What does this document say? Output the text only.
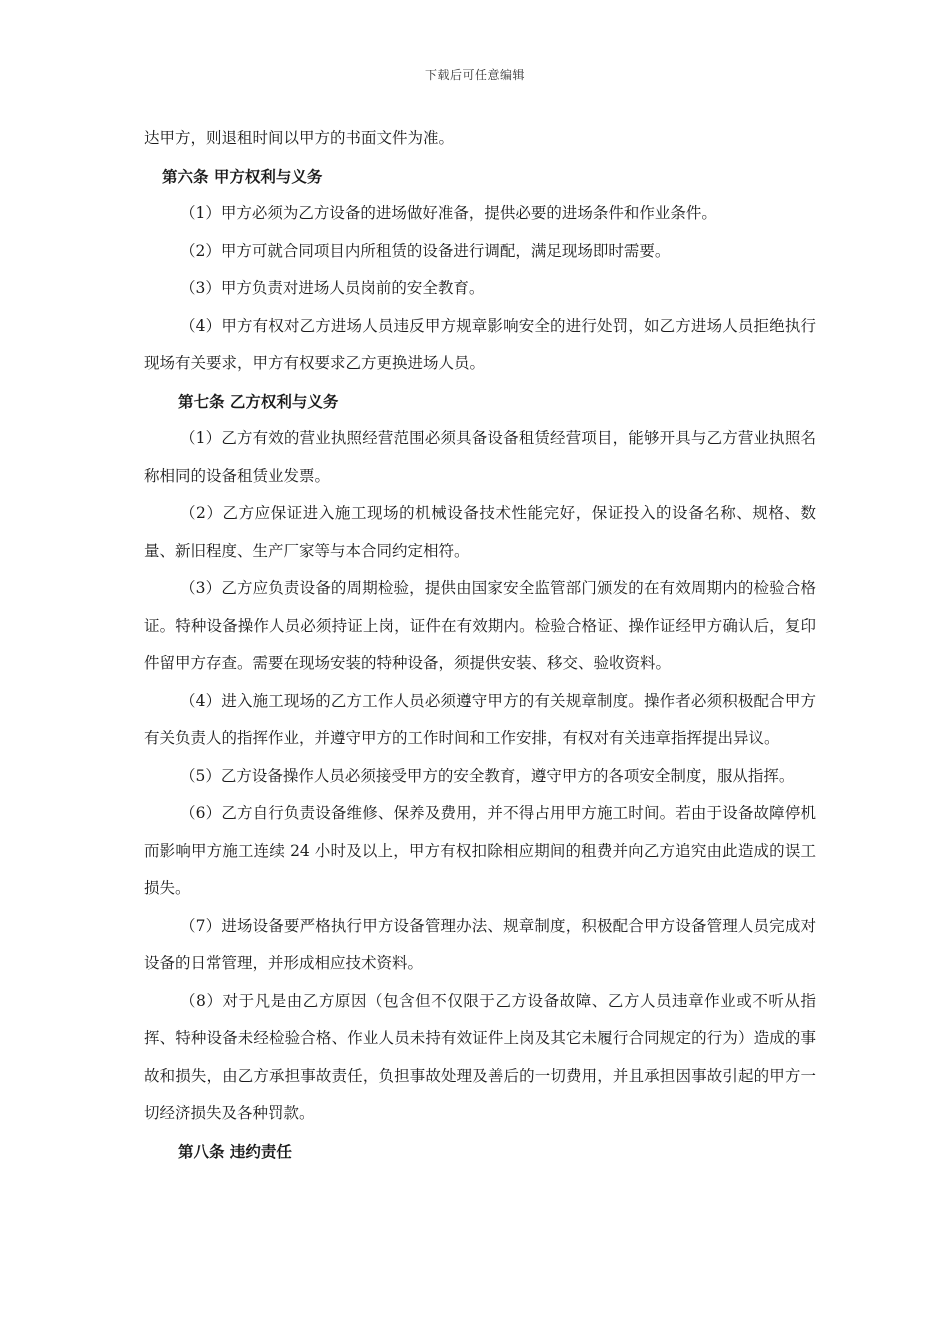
下载后可任意编辑

达甲方，则退租时间以甲方的书面文件为准。

第六条 甲方权利与义务

（1）甲方必须为乙方设备的进场做好准备，提供必要的进场条件和作业条件。

（2）甲方可就合同项目内所租赁的设备进行调配，满足现场即时需要。

（3）甲方负责对进场人员岗前的安全教育。

（4）甲方有权对乙方进场人员违反甲方规章影响安全的进行处罚，如乙方进场人员拒绝执行现场有关要求，甲方有权要求乙方更换进场人员。

第七条 乙方权利与义务

（1）乙方有效的营业执照经营范围必须具备设备租赁经营项目，能够开具与乙方营业执照名称相同的设备租赁业发票。

（2）乙方应保证进入施工现场的机械设备技术性能完好，保证投入的设备名称、规格、数量、新旧程度、生产厂家等与本合同约定相符。

（3）乙方应负责设备的周期检验，提供由国家安全监管部门颁发的在有效周期内的检验合格证。特种设备操作人员必须持证上岗，证件在有效期内。检验合格证、操作证经甲方确认后，复印件留甲方存查。需要在现场安装的特种设备，须提供安装、移交、验收资料。

（4）进入施工现场的乙方工作人员必须遵守甲方的有关规章制度。操作者必须积极配合甲方有关负责人的指挥作业，并遵守甲方的工作时间和工作安排，有权对有关违章指挥提出异议。

（5）乙方设备操作人员必须接受甲方的安全教育，遵守甲方的各项安全制度，服从指挥。

（6）乙方自行负责设备维修、保养及费用，并不得占用甲方施工时间。若由于设备故障停机而影响甲方施工连续 24 小时及以上，甲方有权扣除相应期间的租费并向乙方追究由此造成的误工损失。

（7）进场设备要严格执行甲方设备管理办法、规章制度，积极配合甲方设备管理人员完成对设备的日常管理，并形成相应技术资料。

（8）对于凡是由乙方原因（包含但不仅限于乙方设备故障、乙方人员违章作业或不听从指挥、特种设备未经检验合格、作业人员未持有效证件上岗及其它未履行合同规定的行为）造成的事故和损失，由乙方承担事故责任，负担事故处理及善后的一切费用，并且承担因事故引起的甲方一切经济损失及各种罚款。

第八条 违约责任
